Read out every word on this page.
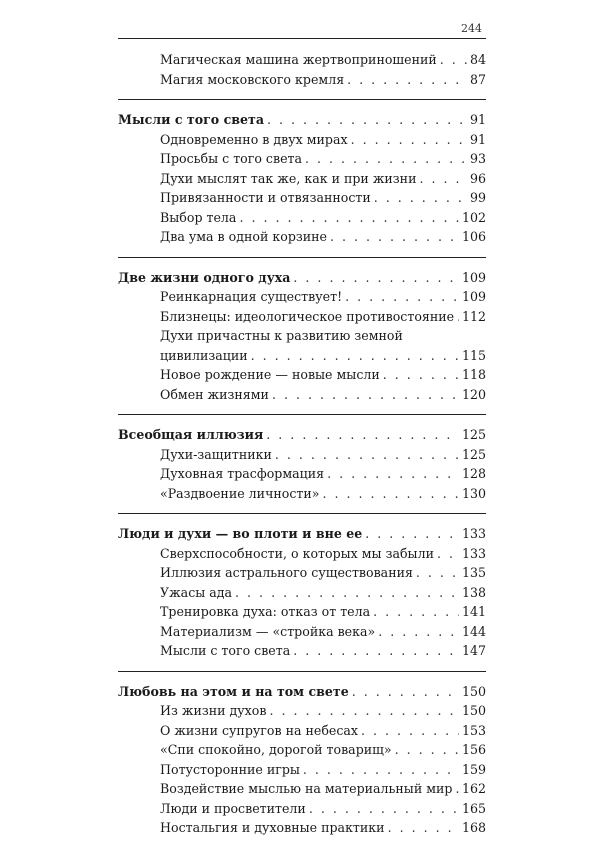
244
Магическая машина жертвоприношений . . .	84
Магия московского кремля . . .	87
Мысли с того света . . .	91
Одновременно в двух мирах . . .	91
Просьбы с того света . . .	93
Духи мыслят так же, как и при жизни . . .	96
Привязанности и отвязанности . . .	99
Выбор тела . . .	102
Два ума в одной корзине . . .	106
Две жизни одного духа . . .	109
Реинкарнация существует! . . .	109
Близнецы: идеологическое противостояние . . . 112
Духи причастны к развитию земной
цивилизации . . .	115
Новое рождение — новые мысли . . .	118
Обмен жизнями . . .	120
Всеобщая иллюзия . . .	125
Духи-защитники . . .	125
Духовная трасформация . . .	128
«Раздвоение личности» . . .	130
Люди и духи — во плоти и вне ее . . .	133
Сверхспособности, о которых мы забыли . . . 133
Иллюзия астрального существования . . .	135
Ужасы ада . . .	138
Тренировка духа: отказ от тела . . .	141
Материализм — «стройка века» . . .	144
Мысли с того света . . .	147
Любовь на этом и на том свете . . .	150
Из жизни духов . . .	150
О жизни супругов на небесах . . .	153
«Спи спокойно, дорогой товарищ» . . .	156
Потусторонние игры . . .	159
Воздействие мыслью на материальный мир . . . 162
Люди и просветители . . .	165
Ностальгия и духовные практики . . .	168
